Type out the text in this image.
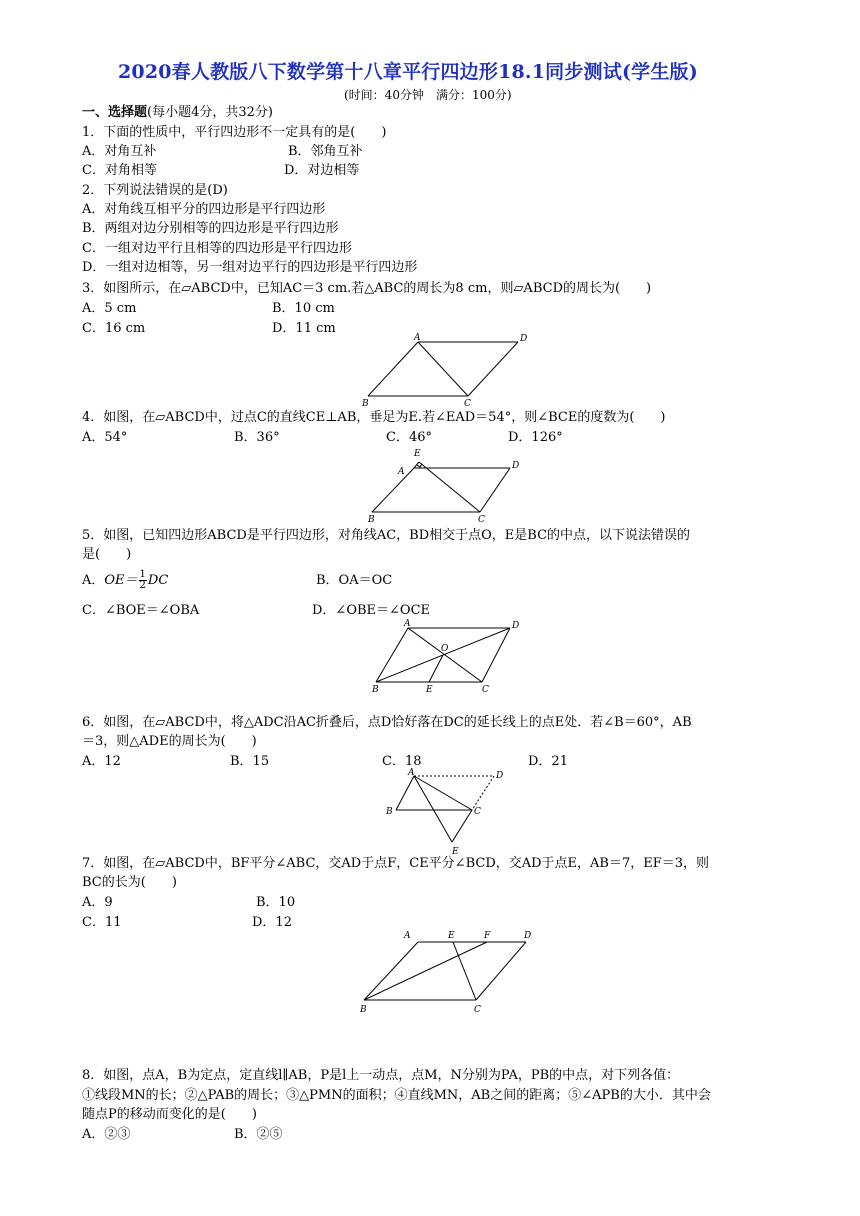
2020春人教版八下数学第十八章平行四边形18.1同步测试(学生版)
(时间：40分钟　满分：100分)
一、选择题(每小题4分，共32分)
1．下面的性质中，平行四边形不一定具有的是(　　)
A．对角互补	B．邻角互补
C．对角相等	D．对边相等
2．下列说法错误的是(D)
A．对角线互相平分的四边形是平行四边形
B．两组对边分别相等的四边形是平行四边形
C．一组对边平行且相等的四边形是平行四边形
D．一组对边相等，另一组对边平行的四边形是平行四边形
3．如图所示，在▱ABCD中，已知AC＝3 cm.若△ABC的周长为8 cm，则▱ABCD的周长为(　　)
A．5 cm	B．10 cm
C．16 cm	D．11 cm
A	D
B	C
4．如图，在▱ABCD中，过点C的直线CE⊥AB，垂足为E.若∠EAD＝54°，则∠BCE的度数为(　　)
A．54°	B．36°	C．46°	D．126°
E
A
D
B	C
5．如图，已知四边形ABCD是平行四边形，对角线AC，BD相交于点O，E是BC的中点，以下说法错误的
是(　　)
A．$OE= \frac{1}{2}$ DC	B．OA＝OC
C．∠BOE＝∠OBA	D．∠OBE＝∠OCE
A	D
O
B	E	C
6．如图，在▱ABCD中，将△ADC沿AC折叠后，点D恰好落在DC的延长线上的点E处．若∠B＝60°，AB
＝3，则△ADE的周长为(　　)
A．12	B．15	C．18	D．21
A	D
B	C
E
7．如图，在▱ABCD中，BF平分∠ABC，交AD于点F，CE平分∠BCD，交AD于点E，AB＝7，EF＝3，则
BC的长为(　　)
A．9	B．10
C．11	D．12
A	E	F	D
B	C
8．如图，点A，B为定点，定直线l∥AB，P是l上一动点，点M，N分别为PA，PB的中点，对下列各值：
①线段MN的长；②△PAB的周长；③△PMN的面积；④直线MN，AB之间的距离；⑤∠APB的大小．其中会
随点P的移动而变化的是(　　)
A．②③	B．②⑤
